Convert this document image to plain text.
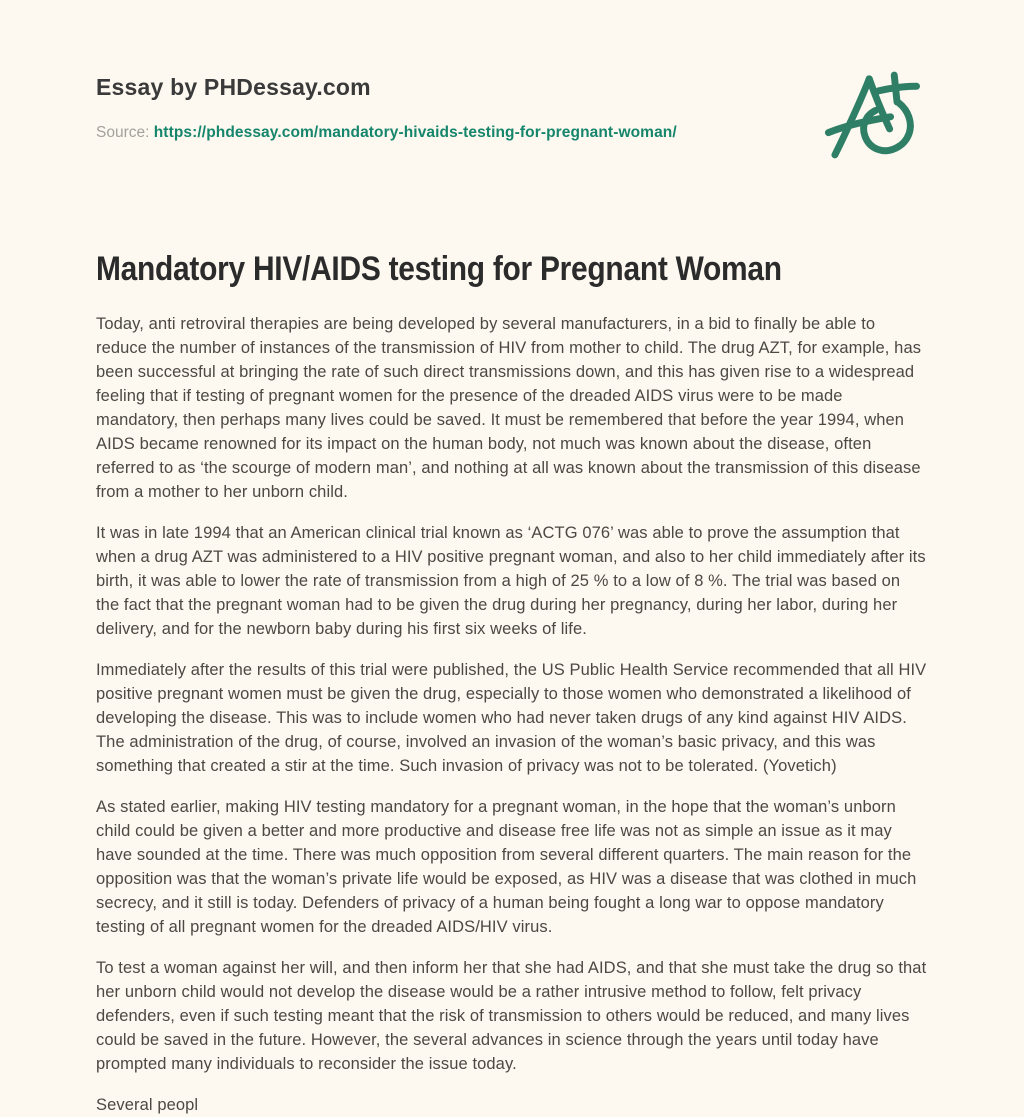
Essay by PHDessay.com

Source: https://phdessay.com/mandatory-hivaids-testing-for-pregnant-woman/

Mandatory HIV/AIDS testing for Pregnant Woman

Today, anti retroviral therapies are being developed by several manufacturers, in a bid to finally be able to reduce the number of instances of the transmission of HIV from mother to child. The drug AZT, for example, has been successful at bringing the rate of such direct transmissions down, and this has given rise to a widespread feeling that if testing of pregnant women for the presence of the dreaded AIDS virus were to be made mandatory, then perhaps many lives could be saved. It must be remembered that before the year 1994, when AIDS became renowned for its impact on the human body, not much was known about the disease, often referred to as ‘the scourge of modern man’, and nothing at all was known about the transmission of this disease from a mother to her unborn child.

It was in late 1994 that an American clinical trial known as ‘ACTG 076’ was able to prove the assumption that when a drug AZT was administered to a HIV positive pregnant woman, and also to her child immediately after its birth, it was able to lower the rate of transmission from a high of 25 % to a low of 8 %. The trial was based on the fact that the pregnant woman had to be given the drug during her pregnancy, during her labor, during her delivery, and for the newborn baby during his first six weeks of life.

Immediately after the results of this trial were published, the US Public Health Service recommended that all HIV positive pregnant women must be given the drug, especially to those women who demonstrated a likelihood of developing the disease. This was to include women who had never taken drugs of any kind against HIV AIDS. The administration of the drug, of course, involved an invasion of the woman’s basic privacy, and this was something that created a stir at the time. Such invasion of privacy was not to be tolerated. (Yovetich)

As stated earlier, making HIV testing mandatory for a pregnant woman, in the hope that the woman’s unborn child could be given a better and more productive and disease free life was not as simple an issue as it may have sounded at the time. There was much opposition from several different quarters. The main reason for the opposition was that the woman’s private life would be exposed, as HIV was a disease that was clothed in much secrecy, and it still is today. Defenders of privacy of a human being fought a long war to oppose mandatory testing of all pregnant women for the dreaded AIDS/HIV virus.

To test a woman against her will, and then inform her that she had AIDS, and that she must take the drug so that her unborn child would not develop the disease would be a rather intrusive method to follow, felt privacy defenders, even if such testing meant that the risk of transmission to others would be reduced, and many lives could be saved in the future. However, the several advances in science through the years until today have prompted many individuals to reconsider the issue today.

Several peopl
